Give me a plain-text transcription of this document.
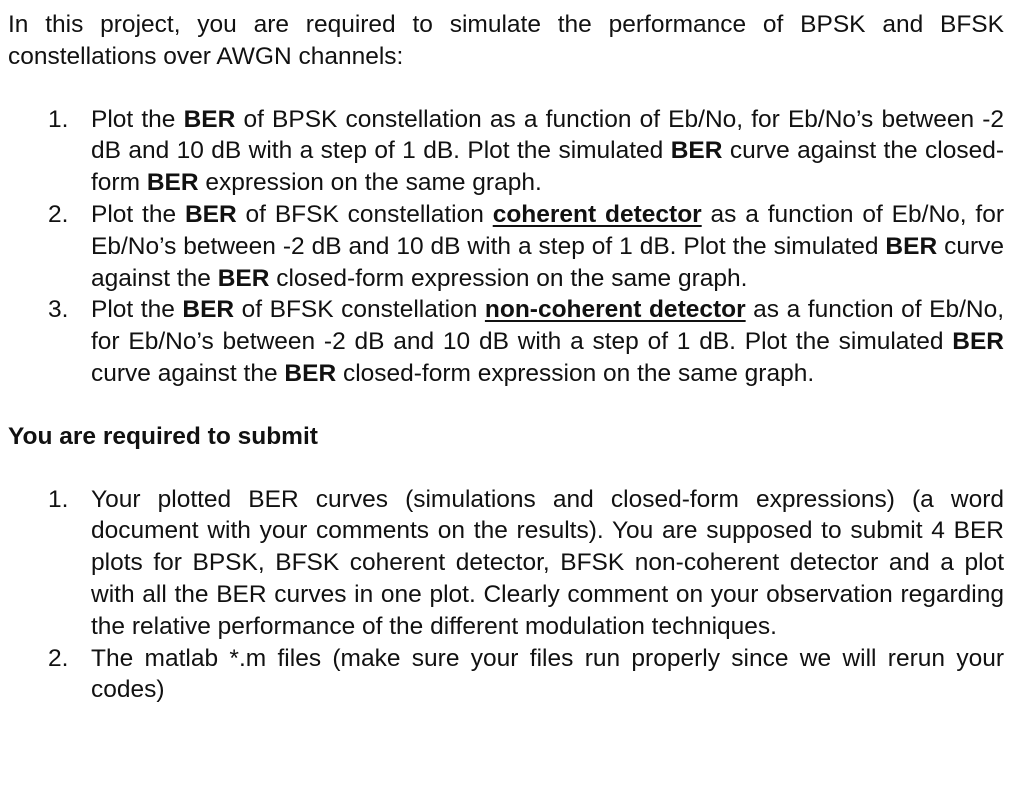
In this project, you are required to simulate the performance of BPSK and BFSK constellations over AWGN channels:

1. Plot the BER of BPSK constellation as a function of Eb/No, for Eb/No’s between -2 dB and 10 dB with a step of 1 dB. Plot the simulated BER curve against the closed-form BER expression on the same graph.
2. Plot the BER of BFSK constellation coherent detector as a function of Eb/No, for Eb/No’s between -2 dB and 10 dB with a step of 1 dB. Plot the simulated BER curve against the BER closed-form expression on the same graph.
3. Plot the BER of BFSK constellation non-coherent detector as a function of Eb/No, for Eb/No’s between -2 dB and 10 dB with a step of 1 dB. Plot the simulated BER curve against the BER closed-form expression on the same graph.

You are required to submit

1. Your plotted BER curves (simulations and closed-form expressions) (a word document with your comments on the results). You are supposed to submit 4 BER plots for BPSK, BFSK coherent detector, BFSK non-coherent detector and a plot with all the BER curves in one plot. Clearly comment on your observation regarding the relative performance of the different modulation techniques.
2. The matlab *.m files (make sure your files run properly since we will rerun your codes)
